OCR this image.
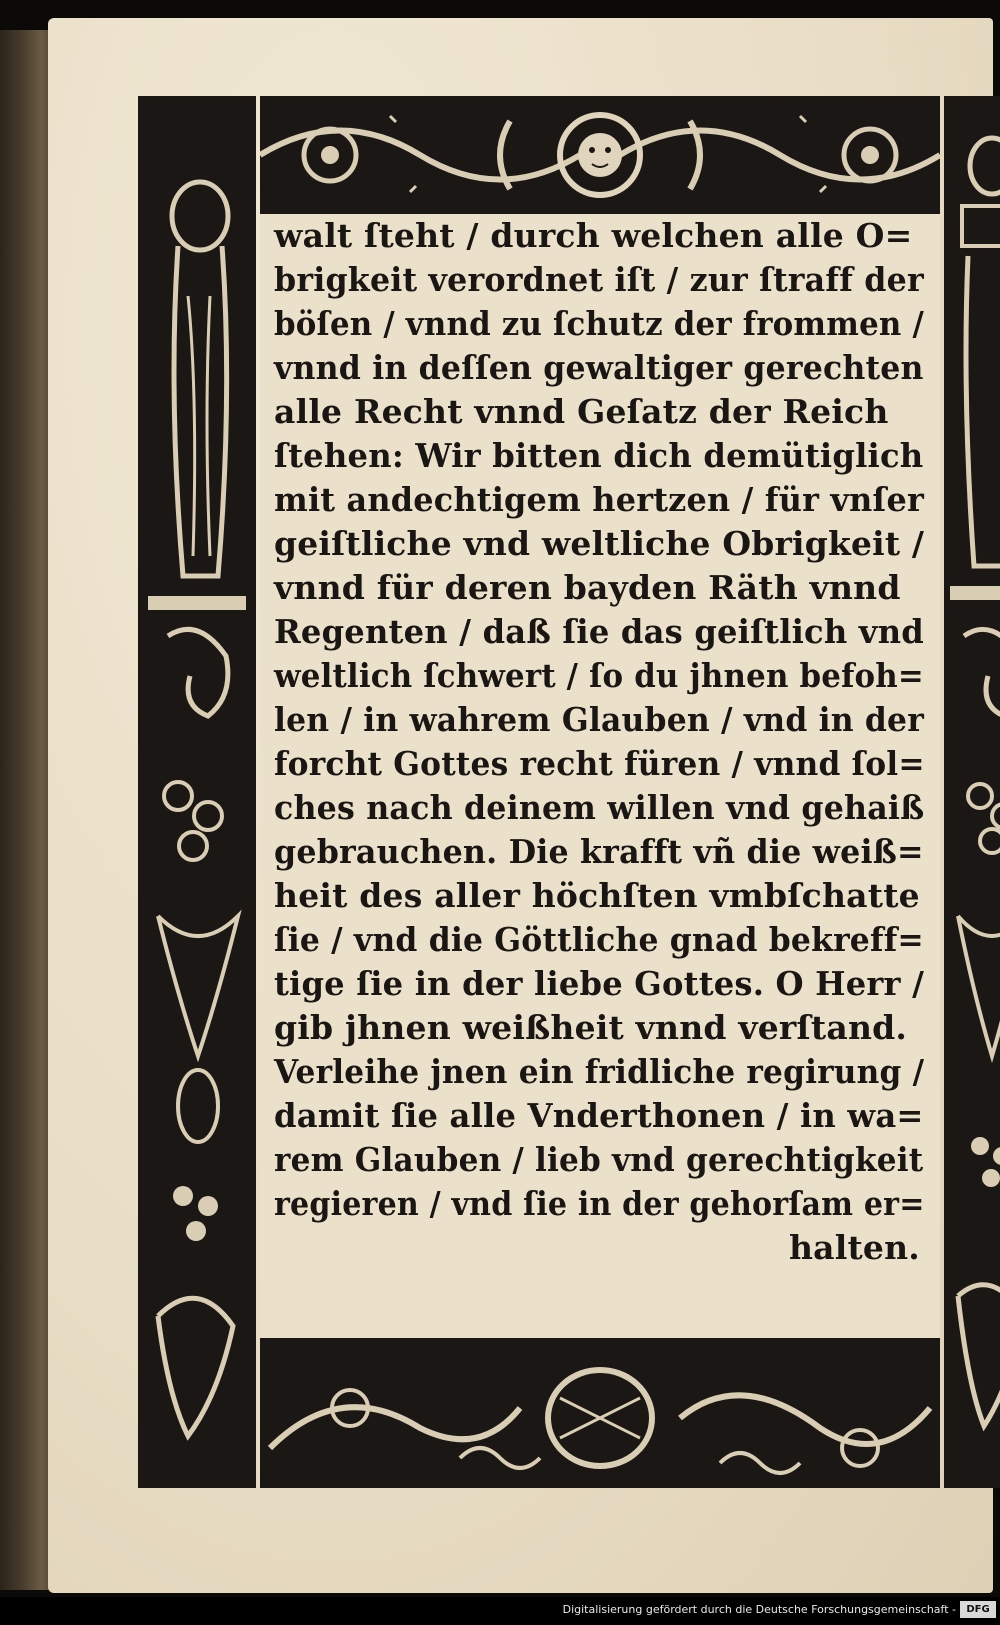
walt ſteht / durch welchen alle O=
brigkeit verordnet iſt / zur ſtraff der
böſen / vnnd zu ſchutz der frommen /
vnnd in deſſen gewaltiger gerechten
alle Recht vnnd Geſatz der Reich
ſtehen: Wir bitten dich demütiglich
mit andechtigem hertzen / für vnſer
geiſtliche vnd weltliche Obrigkeit /
vnnd für deren bayden Räth vnnd
Regenten / daß ſie das geiſtlich vnd
weltlich ſchwert / ſo du jhnen befoh=
len / in wahrem Glauben / vnd in der
forcht Gottes recht füren / vnnd ſol=
ches nach deinem willen vnd gehaiß
gebrauchen. Die krafft vñ die weiß=
heit des aller höchſten vmbſchatte
ſie / vnd die Göttliche gnad bekreff=
tige ſie in der liebe Gottes. O Herr /
gib jhnen weißheit vnnd verſtand.
Verleihe jnen ein fridliche regirung /
damit ſie alle Vnderthonen / in wa=
rem Glauben / lieb vnd gerechtigkeit
regieren / vnd ſie in der gehorſam er=
halten.
Digitalisierung gefördert durch die Deutsche Forschungsgemeinschaft -	DFG
